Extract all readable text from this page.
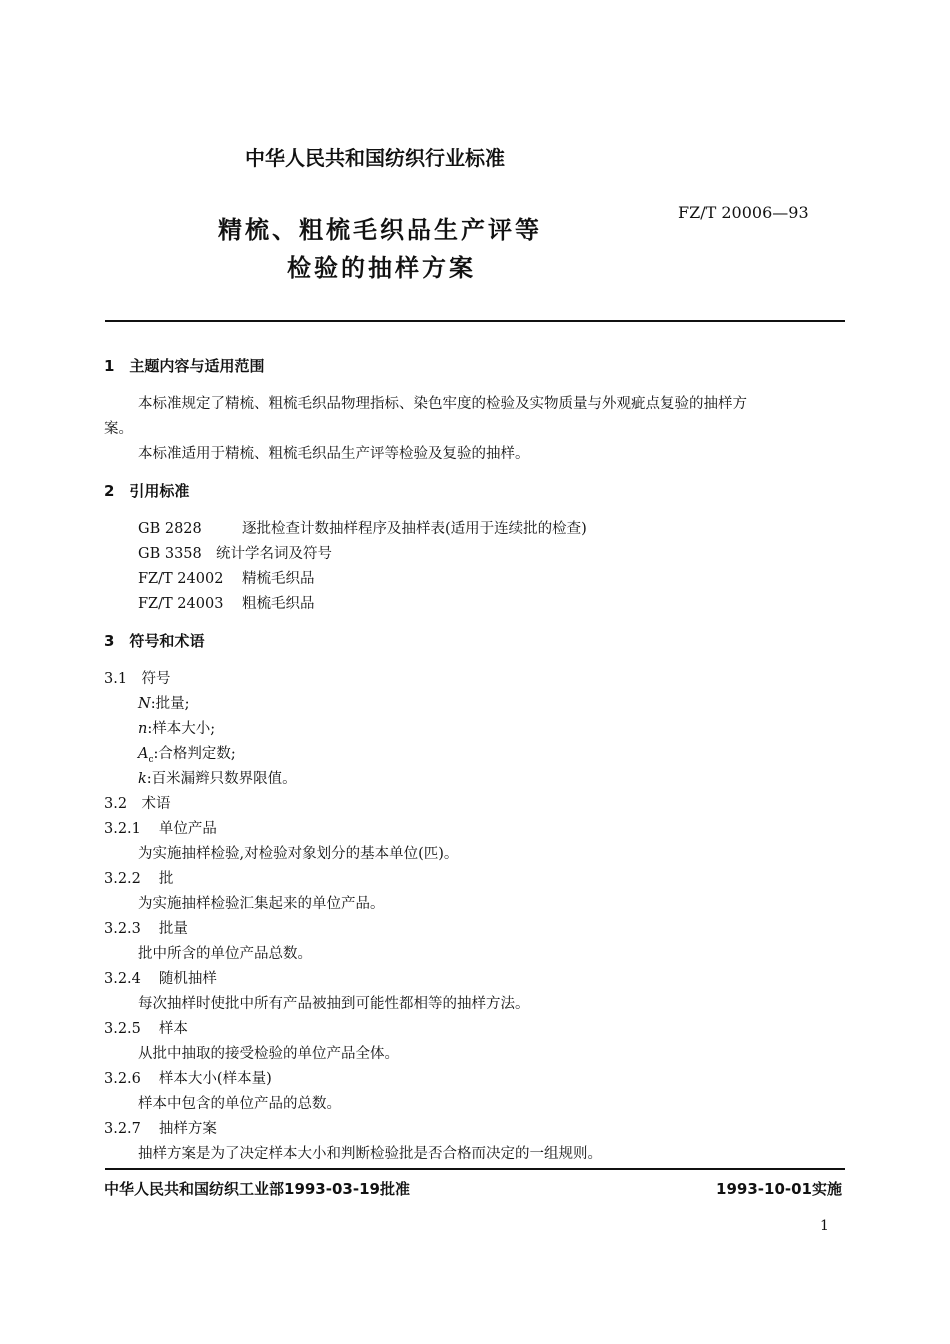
中华人民共和国纺织行业标准
FZ/T 20006—93
精梳、粗梳毛织品生产评等
检验的抽样方案
1　主题内容与适用范围
本标准规定了精梳、粗梳毛织品物理指标、染色牢度的检验及实物质量与外观疵点复验的抽样方
案。
本标准适用于精梳、粗梳毛织品生产评等检验及复验的抽样。
2　引用标准
GB 2828	逐批检查计数抽样程序及抽样表(适用于连续批的检查)
GB 3358 统计学名词及符号
FZ/T 24002 精梳毛织品
FZ/T 24003 粗梳毛织品
3　符号和术语
3.1　符号
N:批量;
n:样本大小;
$A_c$:合格判定数;
k:百米漏辫只数界限值。
3.2　术语
3.2.1 单位产品
为实施抽样检验,对检验对象划分的基本单位(匹)。
3.2.2 批
为实施抽样检验汇集起来的单位产品。
3.2.3 批量
批中所含的单位产品总数。
3.2.4 随机抽样
每次抽样时使批中所有产品被抽到可能性都相等的抽样方法。
3.2.5 样本
从批中抽取的接受检验的单位产品全体。
3.2.6 样本大小(样本量)
样本中包含的单位产品的总数。
3.2.7 抽样方案
抽样方案是为了决定样本大小和判断检验批是否合格而决定的一组规则。
中华人民共和国纺织工业部1993-03-19批准	1993-10-01实施
1
